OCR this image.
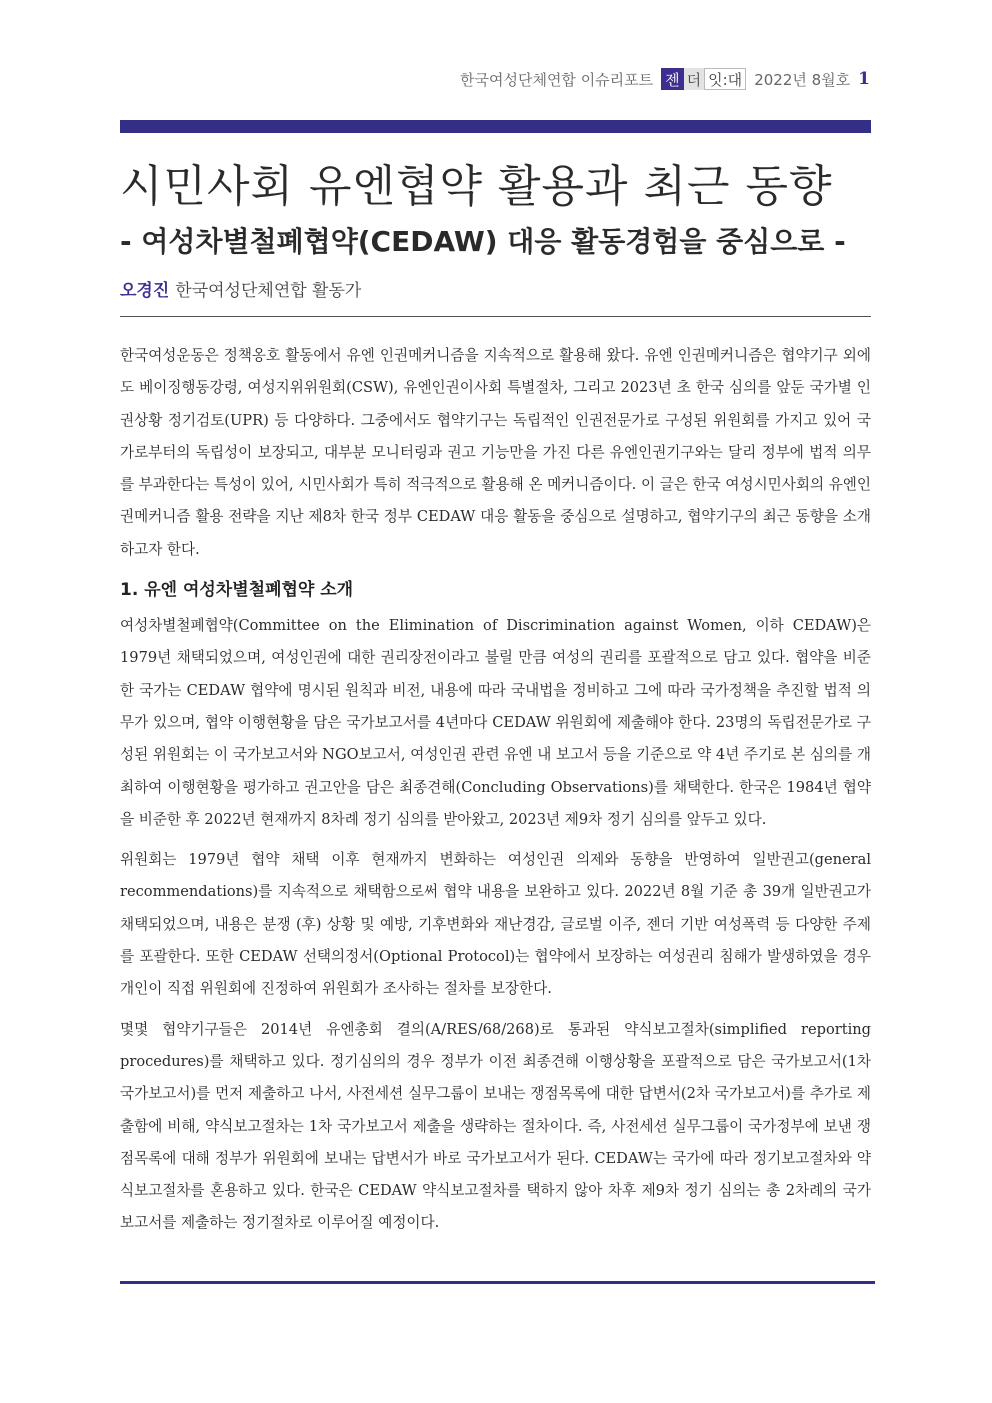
한국여성단체연합 이슈리포트 젠 더 잇:대 2022년 8월호 1
시민사회 유엔협약 활용과 최근 동향
- 여성차별철폐협약(CEDAW) 대응 활동경험을 중심으로 -
오경진 한국여성단체연합 활동가

한국여성운동은 정책옹호 활동에서 유엔 인권메커니즘을 지속적으로 활용해 왔다. 유엔 인권메커니즘은 협약기구 외에도 베이징행동강령, 여성지위위원회(CSW), 유엔인권이사회 특별절차, 그리고 2023년 초 한국 심의를 앞둔 국가별 인권상황 정기검토(UPR) 등 다양하다. 그중에서도 협약기구는 독립적인 인권전문가로 구성된 위원회를 가지고 있어 국가로부터의 독립성이 보장되고, 대부분 모니터링과 권고 기능만을 가진 다른 유엔인권기구와는 달리 정부에 법적 의무를 부과한다는 특성이 있어, 시민사회가 특히 적극적으로 활용해 온 메커니즘이다. 이 글은 한국 여성시민사회의 유엔인권메커니즘 활용 전략을 지난 제8차 한국 정부 CEDAW 대응 활동을 중심으로 설명하고, 협약기구의 최근 동향을 소개하고자 한다.

1. 유엔 여성차별철폐협약 소개

여성차별철폐협약(Committee on the Elimination of Discrimination against Women, 이하 CEDAW)은 1979년 채택되었으며, 여성인권에 대한 권리장전이라고 불릴 만큼 여성의 권리를 포괄적으로 담고 있다. 협약을 비준한 국가는 CEDAW 협약에 명시된 원칙과 비전, 내용에 따라 국내법을 정비하고 그에 따라 국가정책을 추진할 법적 의무가 있으며, 협약 이행현황을 담은 국가보고서를 4년마다 CEDAW 위원회에 제출해야 한다. 23명의 독립전문가로 구성된 위원회는 이 국가보고서와 NGO보고서, 여성인권 관련 유엔 내 보고서 등을 기준으로 약 4년 주기로 본 심의를 개최하여 이행현황을 평가하고 권고안을 담은 최종견해(Concluding Observations)를 채택한다. 한국은 1984년 협약을 비준한 후 2022년 현재까지 8차례 정기 심의를 받아왔고, 2023년 제9차 정기 심의를 앞두고 있다.

위원회는 1979년 협약 채택 이후 현재까지 변화하는 여성인권 의제와 동향을 반영하여 일반권고(general recommendations)를 지속적으로 채택함으로써 협약 내용을 보완하고 있다. 2022년 8월 기준 총 39개 일반권고가 채택되었으며, 내용은 분쟁 (후) 상황 및 예방, 기후변화와 재난경감, 글로벌 이주, 젠더 기반 여성폭력 등 다양한 주제를 포괄한다. 또한 CEDAW 선택의정서(Optional Protocol)는 협약에서 보장하는 여성권리 침해가 발생하였을 경우 개인이 직접 위원회에 진정하여 위원회가 조사하는 절차를 보장한다.

몇몇 협약기구들은 2014년 유엔총회 결의(A/RES/68/268)로 통과된 약식보고절차(simplified reporting procedures)를 채택하고 있다. 정기심의의 경우 정부가 이전 최종견해 이행상황을 포괄적으로 담은 국가보고서(1차 국가보고서)를 먼저 제출하고 나서, 사전세션 실무그룹이 보내는 쟁점목록에 대한 답변서(2차 국가보고서)를 추가로 제출함에 비해, 약식보고절차는 1차 국가보고서 제출을 생략하는 절차이다. 즉, 사전세션 실무그룹이 국가정부에 보낸 쟁점목록에 대해 정부가 위원회에 보내는 답변서가 바로 국가보고서가 된다. CEDAW는 국가에 따라 정기보고절차와 약식보고절차를 혼용하고 있다. 한국은 CEDAW 약식보고절차를 택하지 않아 차후 제9차 정기 심의는 총 2차례의 국가보고서를 제출하는 정기절차로 이루어질 예정이다.
